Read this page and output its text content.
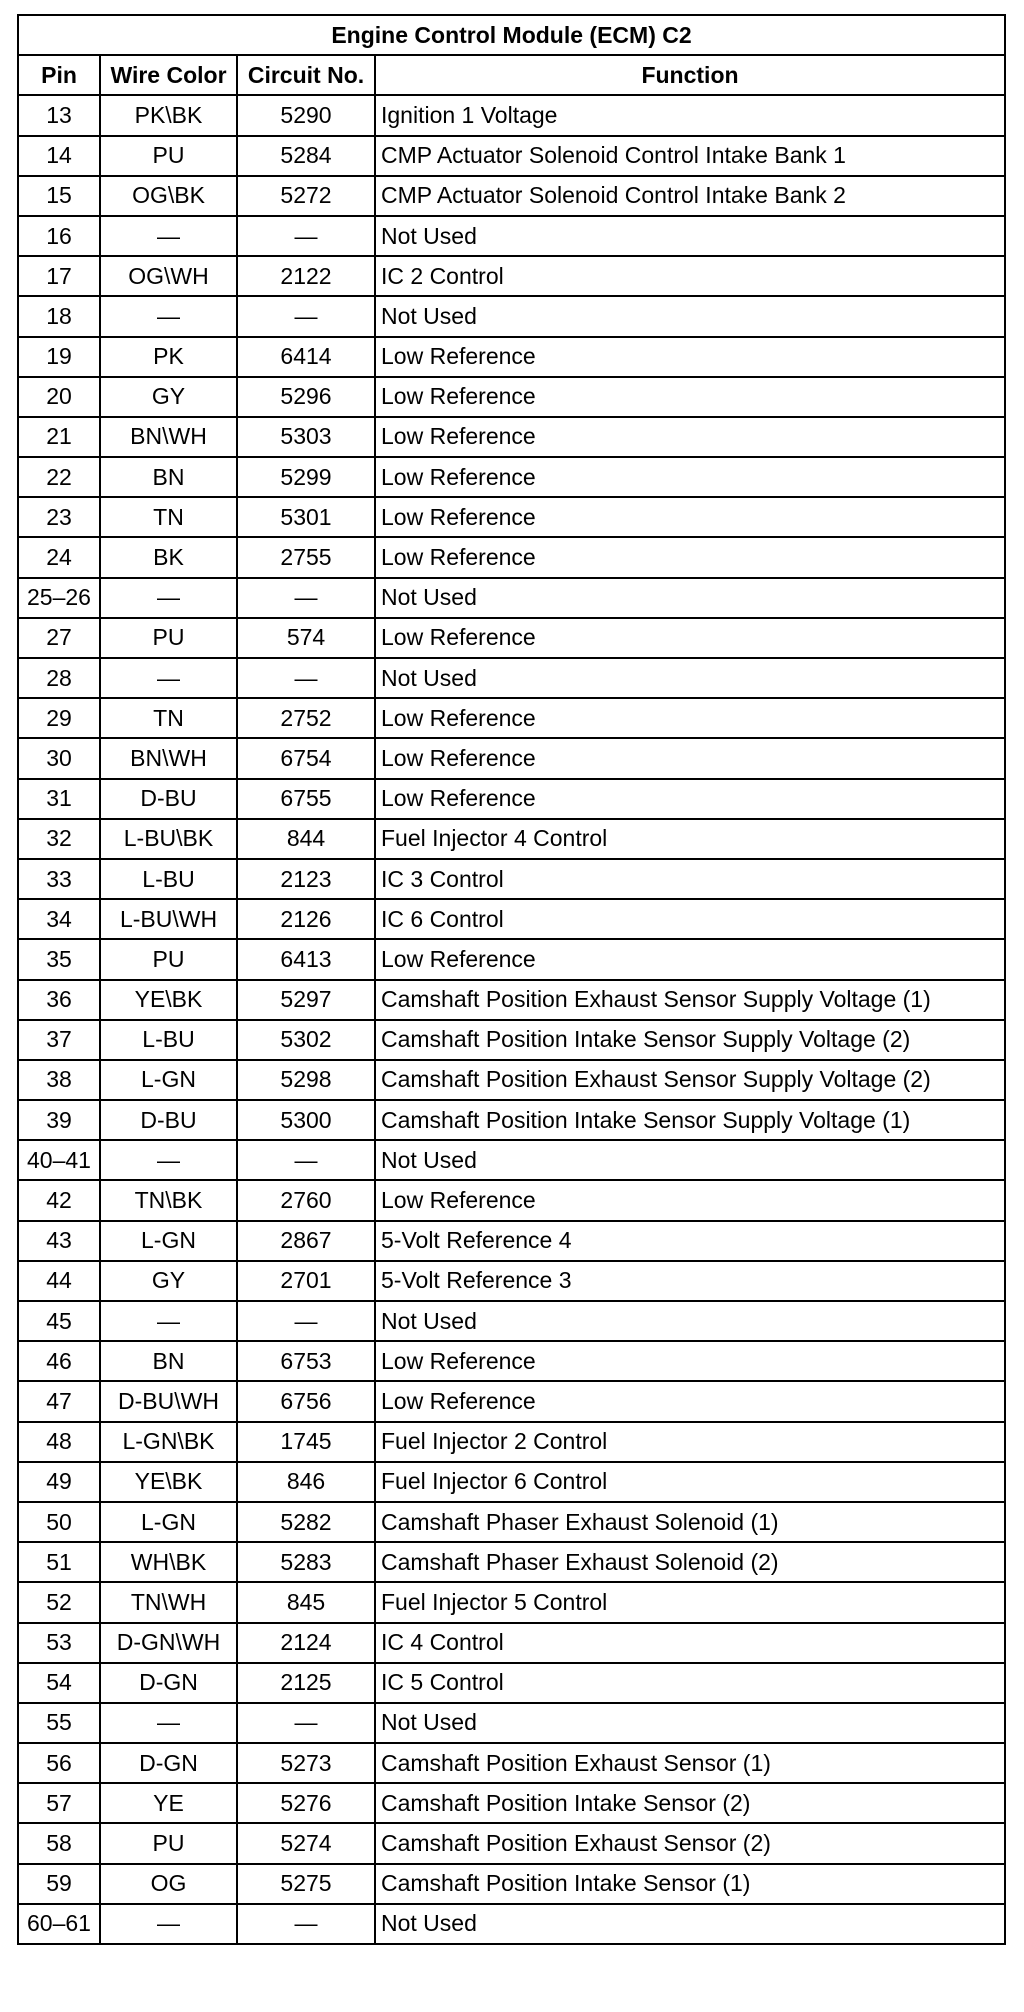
Engine Control Module (ECM) C2			
Pin	Wire Color	Circuit No.	Function
13	PK\BK	5290	Ignition 1 Voltage
14	PU	5284	CMP Actuator Solenoid Control Intake Bank 1
15	OG\BK	5272	CMP Actuator Solenoid Control Intake Bank 2
16	—	—	Not Used
17	OG\WH	2122	IC 2 Control
18	—	—	Not Used
19	PK	6414	Low Reference
20	GY	5296	Low Reference
21	BN\WH	5303	Low Reference
22	BN	5299	Low Reference
23	TN	5301	Low Reference
24	BK	2755	Low Reference
25–26	—	—	Not Used
27	PU	574	Low Reference
28	—	—	Not Used
29	TN	2752	Low Reference
30	BN\WH	6754	Low Reference
31	D-BU	6755	Low Reference
32	L-BU\BK	844	Fuel Injector 4 Control
33	L-BU	2123	IC 3 Control
34	L-BU\WH	2126	IC 6 Control
35	PU	6413	Low Reference
36	YE\BK	5297	Camshaft Position Exhaust Sensor Supply Voltage (1)
37	L-BU	5302	Camshaft Position Intake Sensor Supply Voltage (2)
38	L-GN	5298	Camshaft Position Exhaust Sensor Supply Voltage (2)
39	D-BU	5300	Camshaft Position Intake Sensor Supply Voltage (1)
40–41	—	—	Not Used
42	TN\BK	2760	Low Reference
43	L-GN	2867	5-Volt Reference 4
44	GY	2701	5-Volt Reference 3
45	—	—	Not Used
46	BN	6753	Low Reference
47	D-BU\WH	6756	Low Reference
48	L-GN\BK	1745	Fuel Injector 2 Control
49	YE\BK	846	Fuel Injector 6 Control
50	L-GN	5282	Camshaft Phaser Exhaust Solenoid (1)
51	WH\BK	5283	Camshaft Phaser Exhaust Solenoid (2)
52	TN\WH	845	Fuel Injector 5 Control
53	D-GN\WH	2124	IC 4 Control
54	D-GN	2125	IC 5 Control
55	—	—	Not Used
56	D-GN	5273	Camshaft Position Exhaust Sensor (1)
57	YE	5276	Camshaft Position Intake Sensor (2)
58	PU	5274	Camshaft Position Exhaust Sensor (2)
59	OG	5275	Camshaft Position Intake Sensor (1)
60–61	—	—	Not Used
